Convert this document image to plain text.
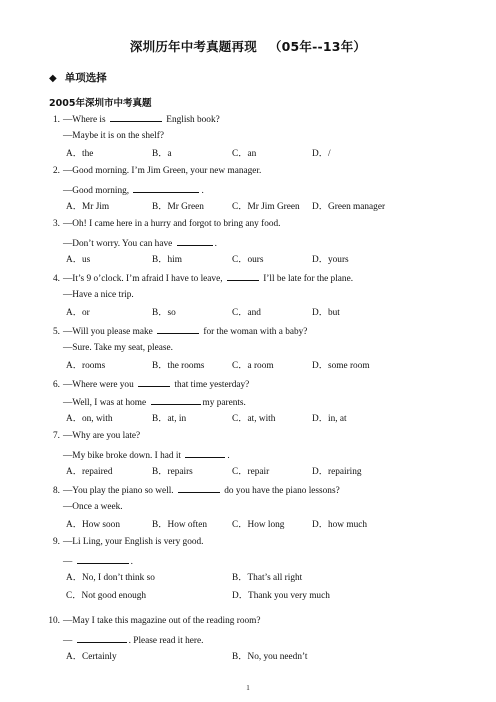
深圳历年中考真题再现 （05年--13年）
◆ 单项选择
2005年深圳市中考真题
1. —Where is	English book?
—Maybe it is on the shelf?
A．the	B．a	C．an	D．/
2. —Good morning. I’m Jim Green, your new manager.
—Good morning,	.
A．Mr Jim	B．Mr Green	C．Mr Jim Green D．Green manager
3. —Oh! I came here in a hurry and forgot to bring any food.
—Don’t worry. You can have	.
A．us	B．him	C．ours	D．yours
4. —It’s 9 o’clock. I’m afraid I have to leave,	I’ll be late for the plane.
—Have a nice trip.
A．or	B．so	C．and	D．but
5. —Will you please make	for the woman with a baby?
—Sure. Take my seat, please.
A．rooms	B．the rooms	C．a room	D．some room
6. —Where were you	that time yesterday?
—Well, I was at home	my parents.
A．on, with	B．at, in	C．at, with	D．in, at
7. —Why are you late?
—My bike broke down. I had it	.
A．repaired	B．repairs	C．repair	D．repairing
8. —You play the piano so well.	do you have the piano lessons?
—Once a week.
A．How soon	B．How often	C．How long	D．how much
9. —Li Ling, your English is very good.
—	.
A．No, I don’t think so	B．That’s all right
C．Not good enough	D．Thank you very much
10. —May I take this magazine out of the reading room?
—	. Please read it here.
A．Certainly	B．No, you needn’t
1
